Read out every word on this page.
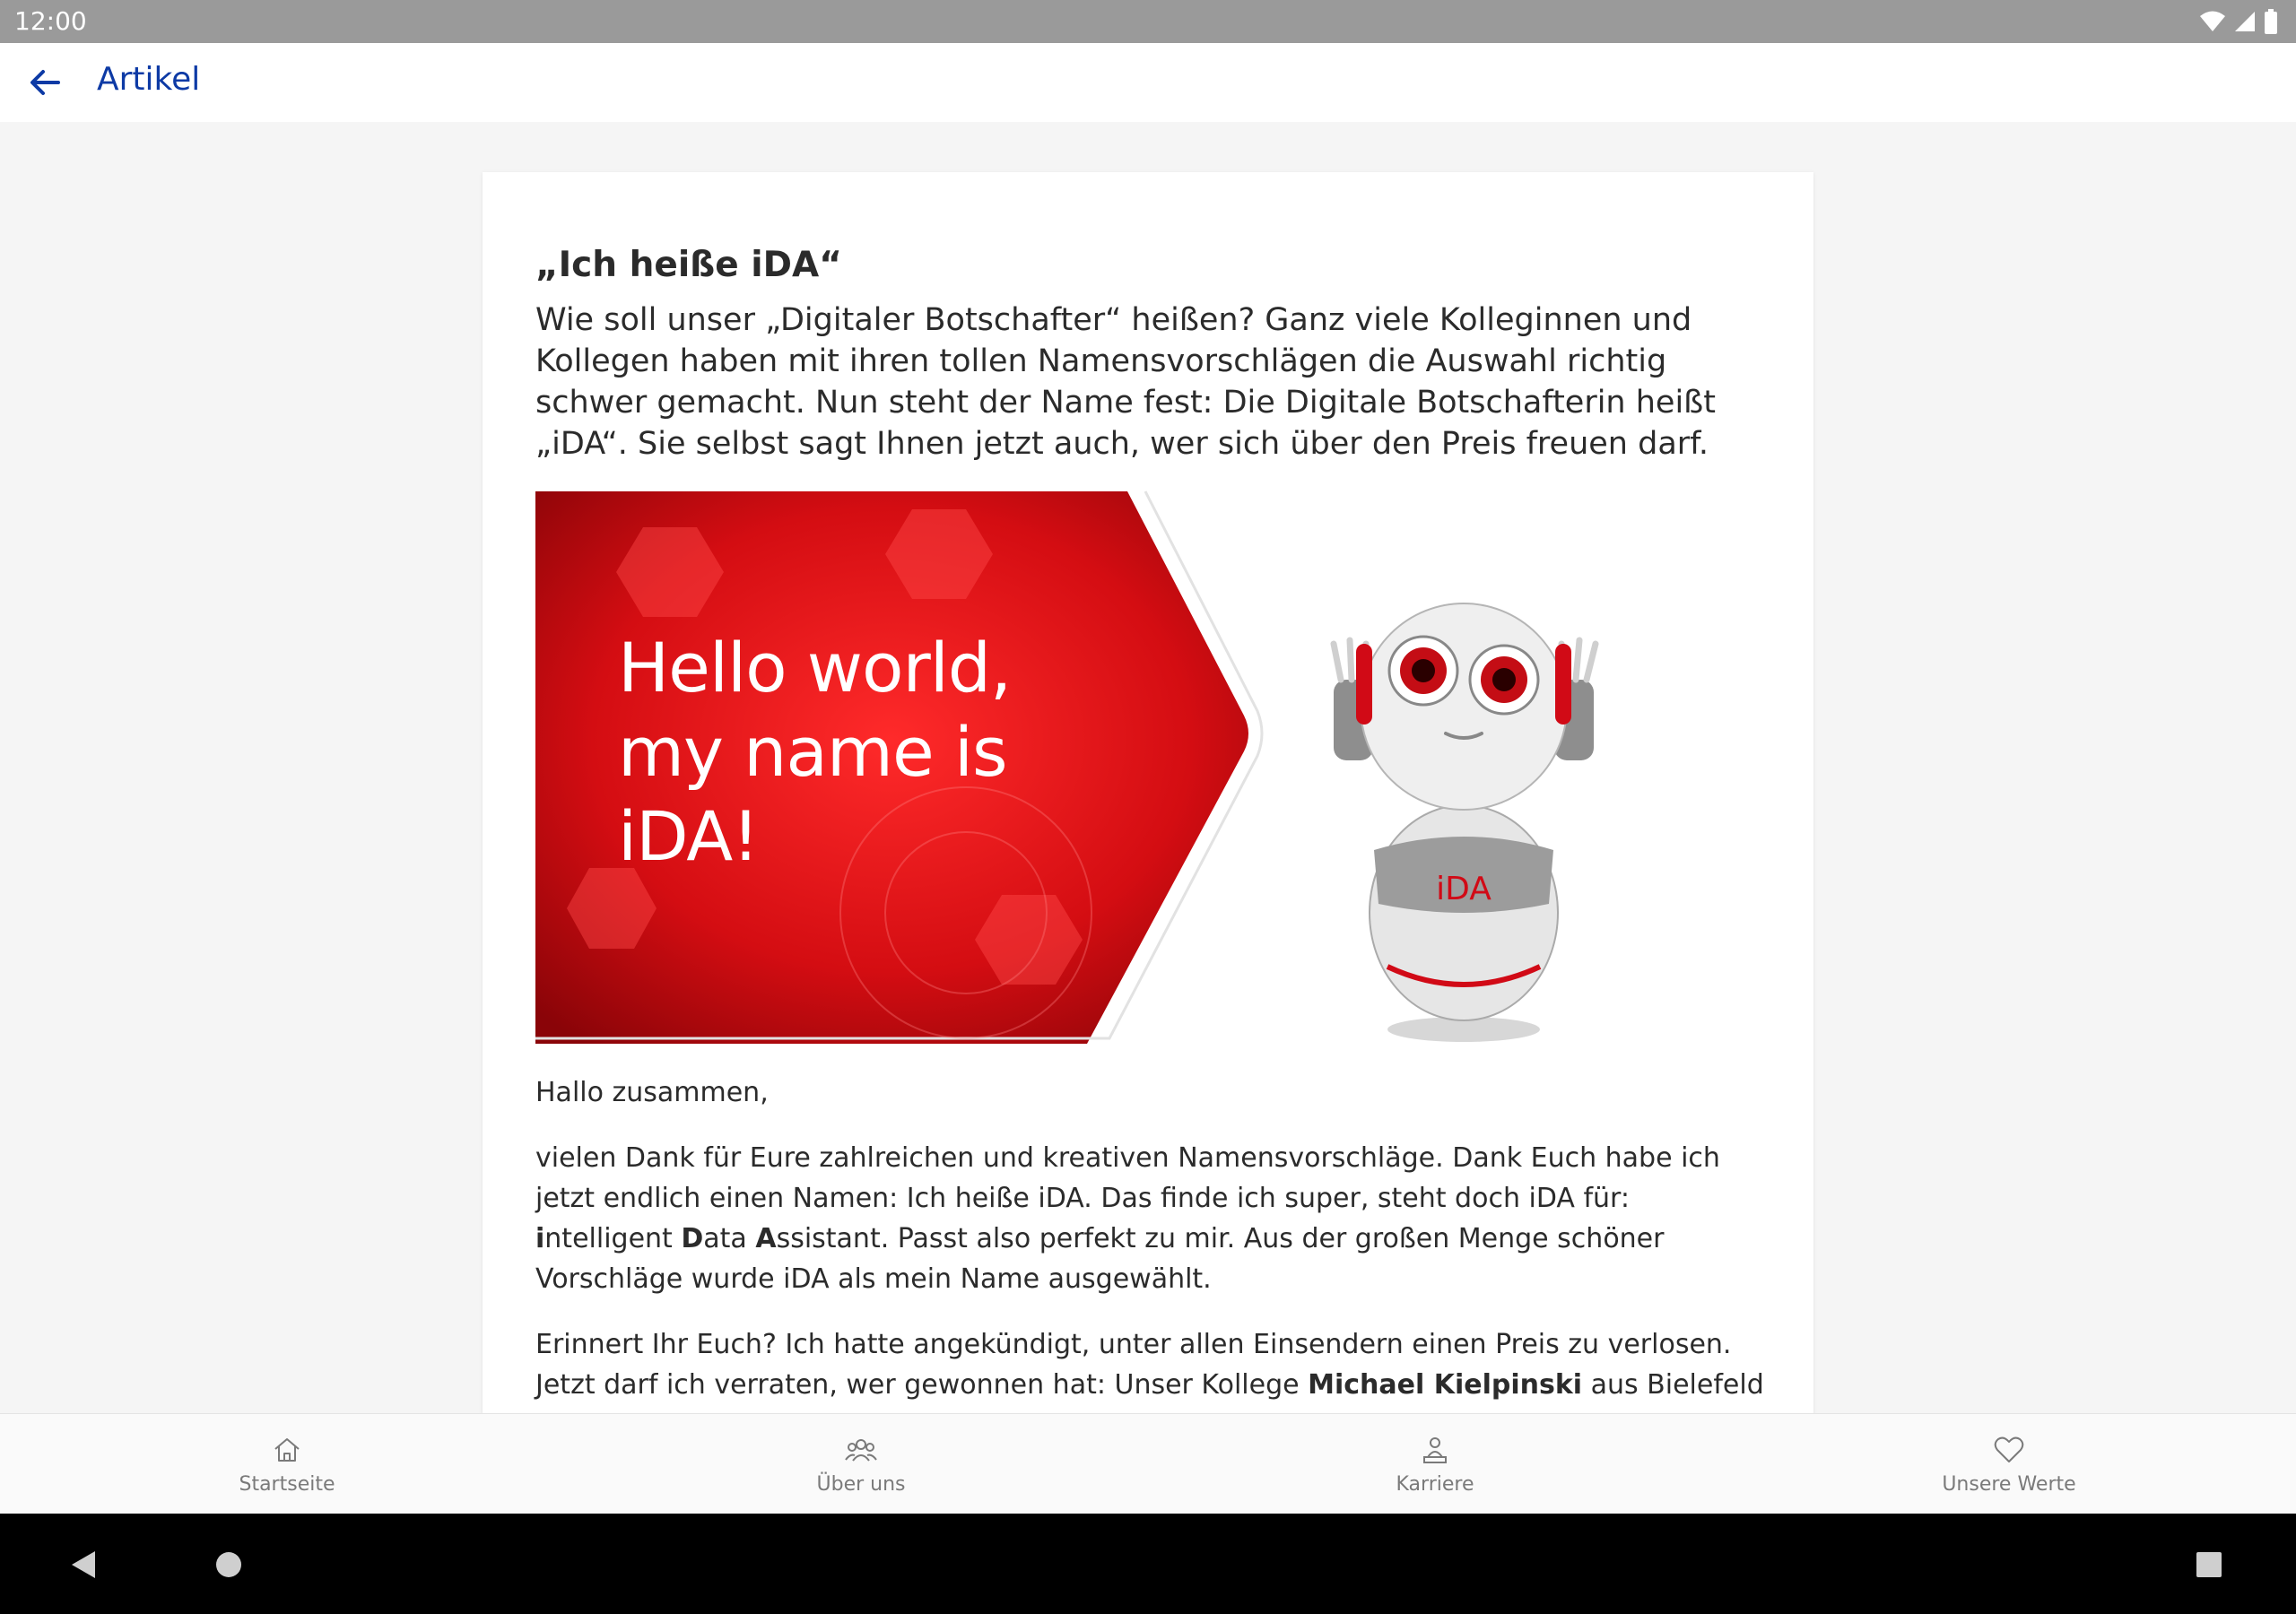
12:00
Artikel
„Ich heiße iDA“
Wie soll unser „Digitaler Botschafter“ heißen? Ganz viele Kolleginnen und Kollegen haben mit ihren tollen Namensvorschlägen die Auswahl richtig schwer gemacht. Nun steht der Name fest: Die Digitale Botschafterin heißt „iDA“. Sie selbst sagt Ihnen jetzt auch, wer sich über den Preis freuen darf.
Hello world,
my name is
iDA!
iDA
Hallo zusammen,
vielen Dank für Eure zahlreichen und kreativen Namensvorschläge. Dank Euch habe ich jetzt endlich einen Namen: Ich heiße iDA. Das finde ich super, steht doch iDA für: intelligent Data Assistant. Passt also perfekt zu mir. Aus der großen Menge schöner Vorschläge wurde iDA als mein Name ausgewählt.
Erinnert Ihr Euch? Ich hatte angekündigt, unter allen Einsendern einen Preis zu verlosen. Jetzt darf ich verraten, wer gewonnen hat: Unser Kollege Michael Kielpinski aus Bielefeld
Startseite	Über uns	Karriere	Unsere Werte
